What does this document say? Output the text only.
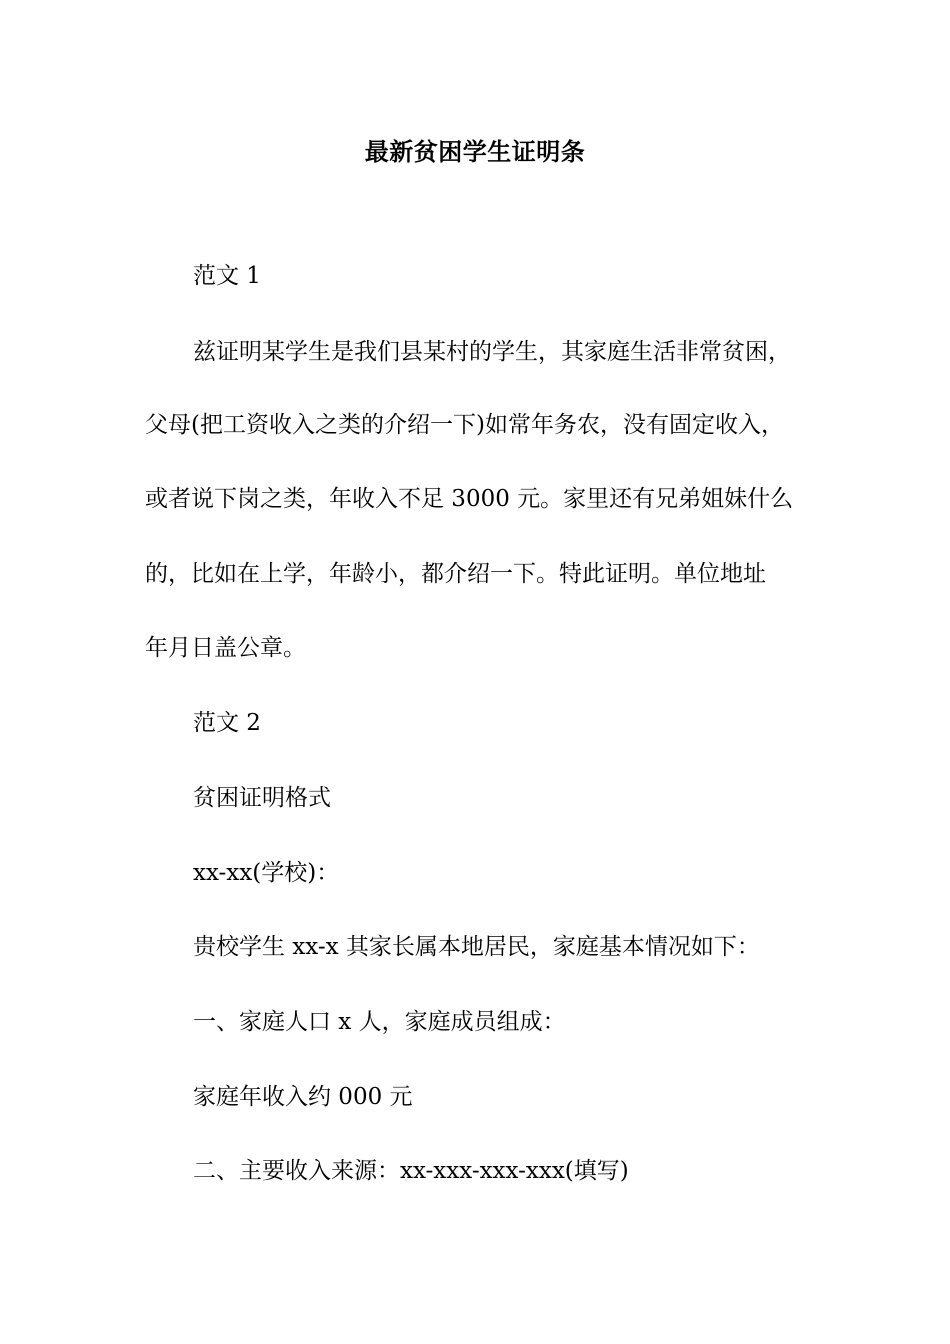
最新贫困学生证明条
范文 1
兹证明某学生是我们县某村的学生，其家庭生活非常贫困，
父母(把工资收入之类的介绍一下)如常年务农，没有固定收入，
或者说下岗之类，年收入不足 3000 元。家里还有兄弟姐妹什么
的，比如在上学，年龄小，都介绍一下。特此证明。单位地址
年月日盖公章。
范文 2
贫困证明格式
xx-xx(学校)：
贵校学生 xx-x 其家长属本地居民，家庭基本情况如下：
一、家庭人口 x 人，家庭成员组成：
家庭年收入约 000 元
二、主要收入来源：xx-xxx-xxx-xxx(填写)
